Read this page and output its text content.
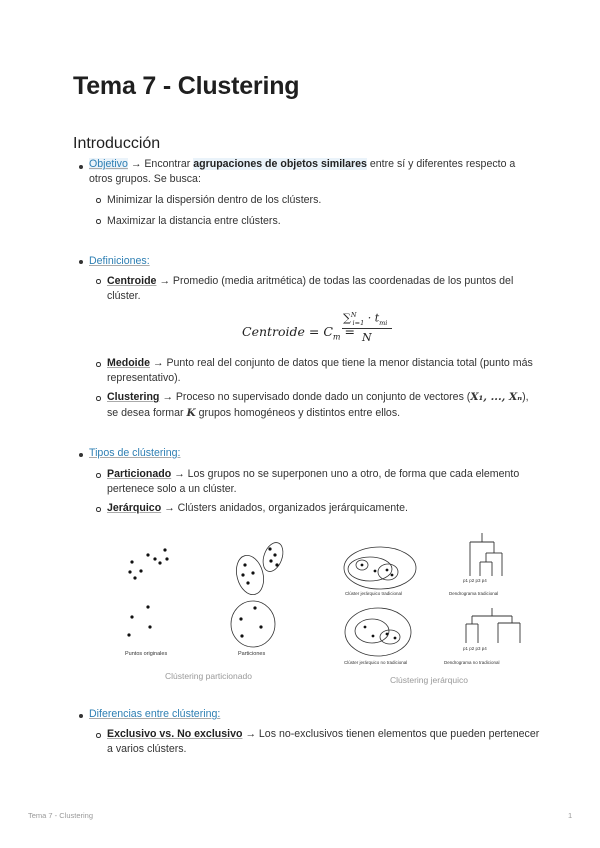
Tema 7 - Clustering
Introducción
Objetivo → Encontrar agrupaciones de objetos similares entre sí y diferentes respecto a
otros grupos. Se busca:
Minimizar la dispersión dentro de los clústers.
Maximizar la distancia entre clústers.
Definiciones:
Centroide → Promedio (media aritmética) de todas las coordenadas de los puntos del
clúster.
Centroide = $C_m$ =
$\sum^N_{i=1} \cdot t_{mi}$
N
Medoide → Punto real del conjunto de datos que tiene la menor distancia total (punto más
representativo).
Clustering → Proceso no supervisado donde dado un conjunto de vectores (X₁, ..., Xₙ),
se desea formar K grupos homogéneos y distintos entre ellos.
Tipos de clústering:
Particionado → Los grupos no se superponen uno a otro, de forma que cada elemento
pertenece solo a un clúster.
Jerárquico → Clústers anidados, organizados jerárquicamente.
Puntos originales	Particiones
Clústering particionado
p1 p2 p3 p4
Clúster jerárquico tradicional	Dendrograma tradicional
p1 p2 p3 p4
Clúster jerárquico no tradicional	Dendrograma no tradicional
Clústering jerárquico
Diferencias entre clústering:
Exclusivo vs. No exclusivo → Los no-exclusivos tienen elementos que pueden pertenecer
a varios clústers.
Tema 7 - Clustering	1
